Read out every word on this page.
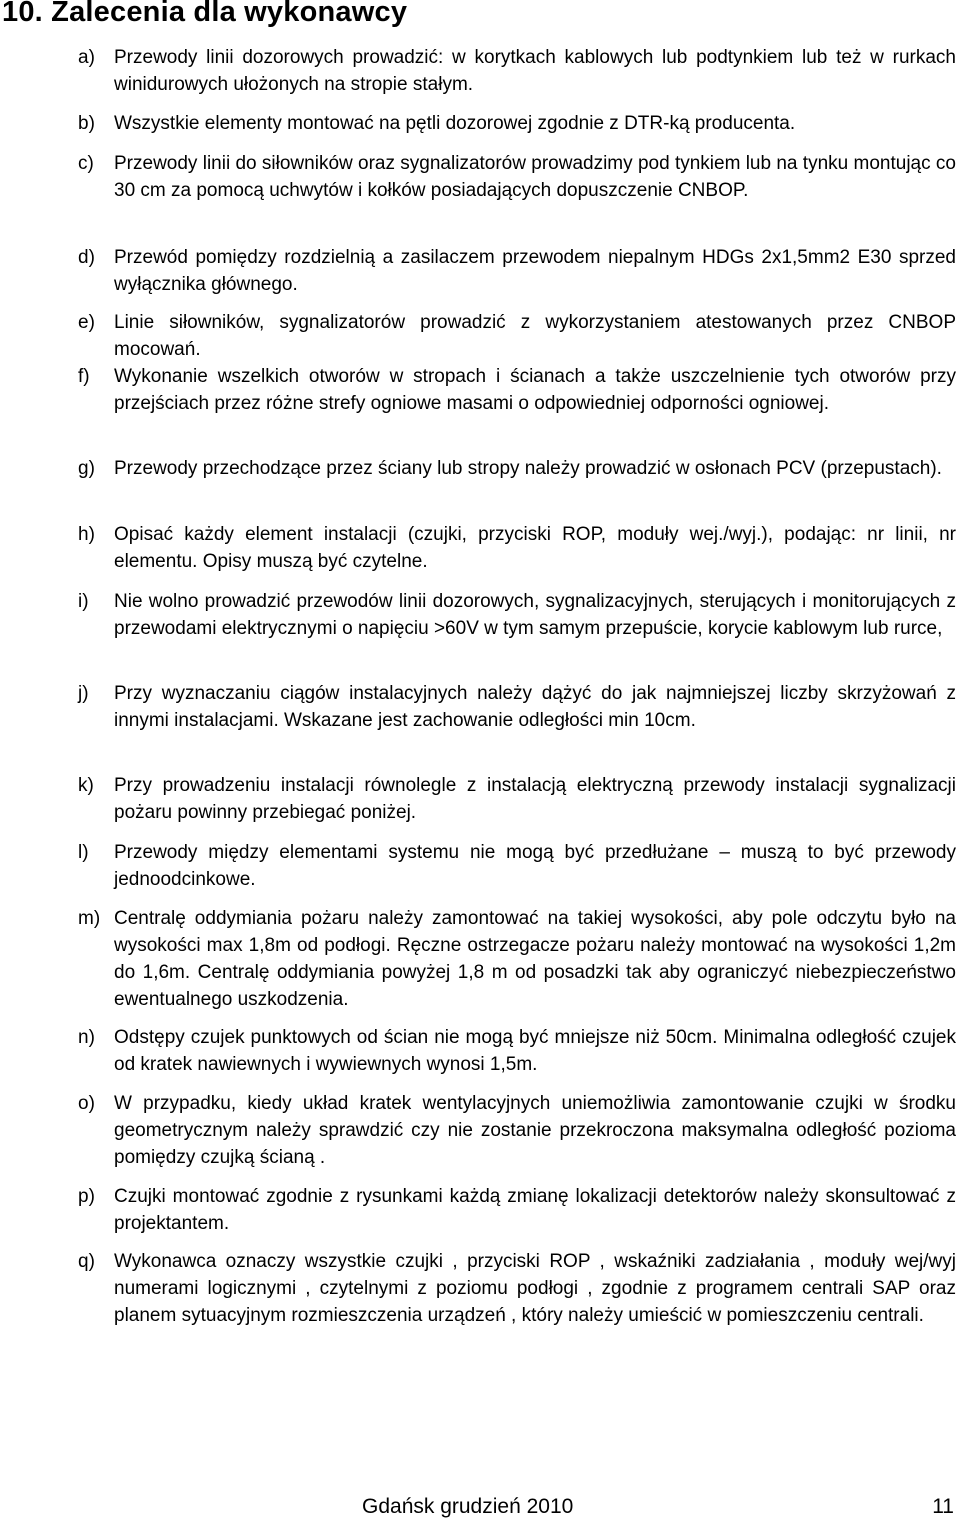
10. Zalecenia dla wykonawcy
a) Przewody linii dozorowych prowadzić: w korytkach kablowych lub podtynkiem lub też w rurkach winidurowych ułożonych na stropie stałym.
b) Wszystkie elementy montować na pętli dozorowej zgodnie z DTR-ką producenta.
c) Przewody linii do siłowników oraz sygnalizatorów prowadzimy pod tynkiem lub na tynku montując co 30 cm za pomocą uchwytów i kołków posiadających dopuszczenie CNBOP.
d) Przewód pomiędzy rozdzielnią a zasilaczem przewodem niepalnym HDGs 2x1,5mm2 E30 sprzed wyłącznika głównego.
e) Linie siłowników, sygnalizatorów prowadzić z wykorzystaniem atestowanych przez CNBOP mocowań.
f) Wykonanie wszelkich otworów w stropach i ścianach a także uszczelnienie tych otworów przy przejściach przez różne strefy ogniowe masami o odpowiedniej odporności ogniowej.
g) Przewody przechodzące przez ściany lub stropy należy prowadzić w osłonach PCV (przepustach).
h) Opisać każdy element instalacji (czujki, przyciski ROP, moduły wej./wyj.), podając: nr linii, nr elementu. Opisy muszą być czytelne.
i) Nie wolno prowadzić przewodów linii dozorowych, sygnalizacyjnych, sterujących i monitorujących z przewodami elektrycznymi o napięciu >60V w tym samym przepuście, korycie kablowym lub rurce,
j) Przy wyznaczaniu ciągów instalacyjnych należy dążyć do jak najmniejszej liczby skrzyżowań z innymi instalacjami. Wskazane jest zachowanie odległości min 10cm.
k) Przy prowadzeniu instalacji równolegle z instalacją elektryczną przewody instalacji sygnalizacji pożaru powinny przebiegać poniżej.
l) Przewody między elementami systemu nie mogą być przedłużane – muszą to być przewody jednoodcinkowe.
m) Centralę oddymiania pożaru należy zamontować na takiej wysokości, aby pole odczytu było na wysokości max 1,8m od podłogi. Ręczne ostrzegacze pożaru należy montować na wysokości 1,2m do 1,6m. Centralę oddymiania powyżej 1,8 m od posadzki tak aby ograniczyć niebezpieczeństwo ewentualnego uszkodzenia.
n) Odstępy czujek punktowych od ścian nie mogą być mniejsze niż 50cm. Minimalna odległość czujek od kratek nawiewnych i wywiewnych wynosi 1,5m.
o) W przypadku, kiedy układ kratek wentylacyjnych uniemożliwia zamontowanie czujki w środku geometrycznym należy sprawdzić czy nie zostanie przekroczona maksymalna odległość pozioma pomiędzy czujką ścianą .
p) Czujki montować zgodnie z rysunkami każdą zmianę lokalizacji detektorów należy skonsultować z projektantem.
q) Wykonawca oznaczy wszystkie czujki , przyciski ROP , wskaźniki zadziałania , moduły wej/wyj numerami logicznymi , czytelnymi z poziomu podłogi , zgodnie z programem centrali SAP oraz planem sytuacyjnym rozmieszczenia urządzeń , który należy umieścić w pomieszczeniu centrali.
Gdańsk grudzień 2010	11
